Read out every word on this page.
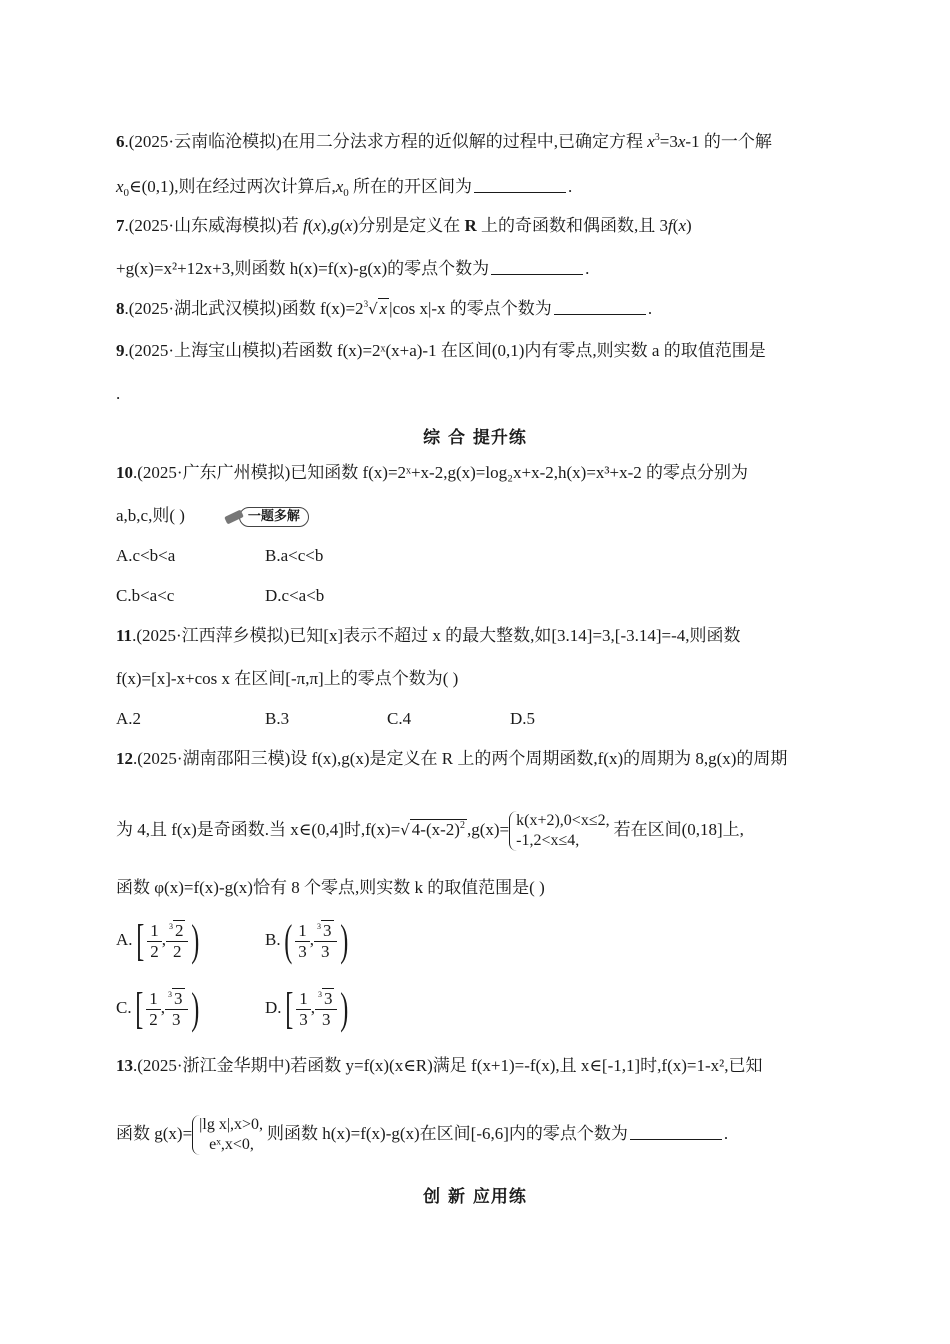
6.(2025·云南临沧模拟)在用二分法求方程的近似解的过程中,已确定方程 $x^3=3x-1$ 的一个解
$x_0\in(0,1)$,则在经过两次计算后$,x_0$ 所在的开区间为	.
7.(2025·山东威海模拟)若 f(x),g(x)分别是定义在 R 上的奇函数和偶函数,且 3f(x)
+g(x)=x²+12x+3,则函数 h(x)=f(x)-g(x)的零点个数为	.
8.(2025·湖北武汉模拟)函数 $f(x)=2^3√$ x |cos x|-x 的零点个数为	.
9.(2025·上海宝山模拟)若函数 f(x)=2ˣ(x+a)-1 在区间(0,1)内有零点,则实数 a 的取值范围是
.
综 合 提升练
10.(2025·广东广州模拟)已知函数 f(x)=2ˣ+x-2,g(x)=log₂x+x-2,h(x)=x³+x-2 的零点分别为
a,b,c,则( )	一题多解
A.c<b<a	B.a<c<b
C.b<a<c	D.c<a<b
11.(2025·江西萍乡模拟)已知[x]表示不超过 x 的最大整数,如[3.14]=3,[-3.14]=-4,则函数
f(x)=[x]-x+cos x 在区间[-π,π]上的零点个数为( )
A.2	B.3	C.4	D.5
12.(2025·湖南邵阳三模)设 f(x),g(x)是定义在 R 上的两个周期函数,f(x)的周期为 8,g(x)的周期
为 4,且 f(x)是奇函数.当 x∈(0,4]时,f(x)=√ $4-(x-2)^2$ ,g(x)= k(x+2),0<x≤2,
-1,2<x≤4,
若在区间(0,18]上,
函数 φ(x)=f(x)-g(x)恰有 8 个零点,则实数 k 的取值范围是( )
$A.[ \frac{1}{2}$ , $\frac{^3 2}{2}$ )	$B.( \frac{1}{3}$ , $\frac{^3 3}{3}$ )
$C.[ \frac{1}{2}$ , $\frac{^3 3}{3}$ )	$D.[ \frac{1}{3}$ , $\frac{^3 3}{3}$ )
13.(2025·浙江金华期中)若函数 y=f(x)(x∈R)满足 f(x+1)=-f(x),且 x∈[-1,1]时,f(x)=1-x²,已知
函数 g(x)= |lg x|,x>0,
eˣ,x<0,
则函数 h(x)=f(x)-g(x)在区间[-6,6]内的零点个数为	.
创 新 应用练
